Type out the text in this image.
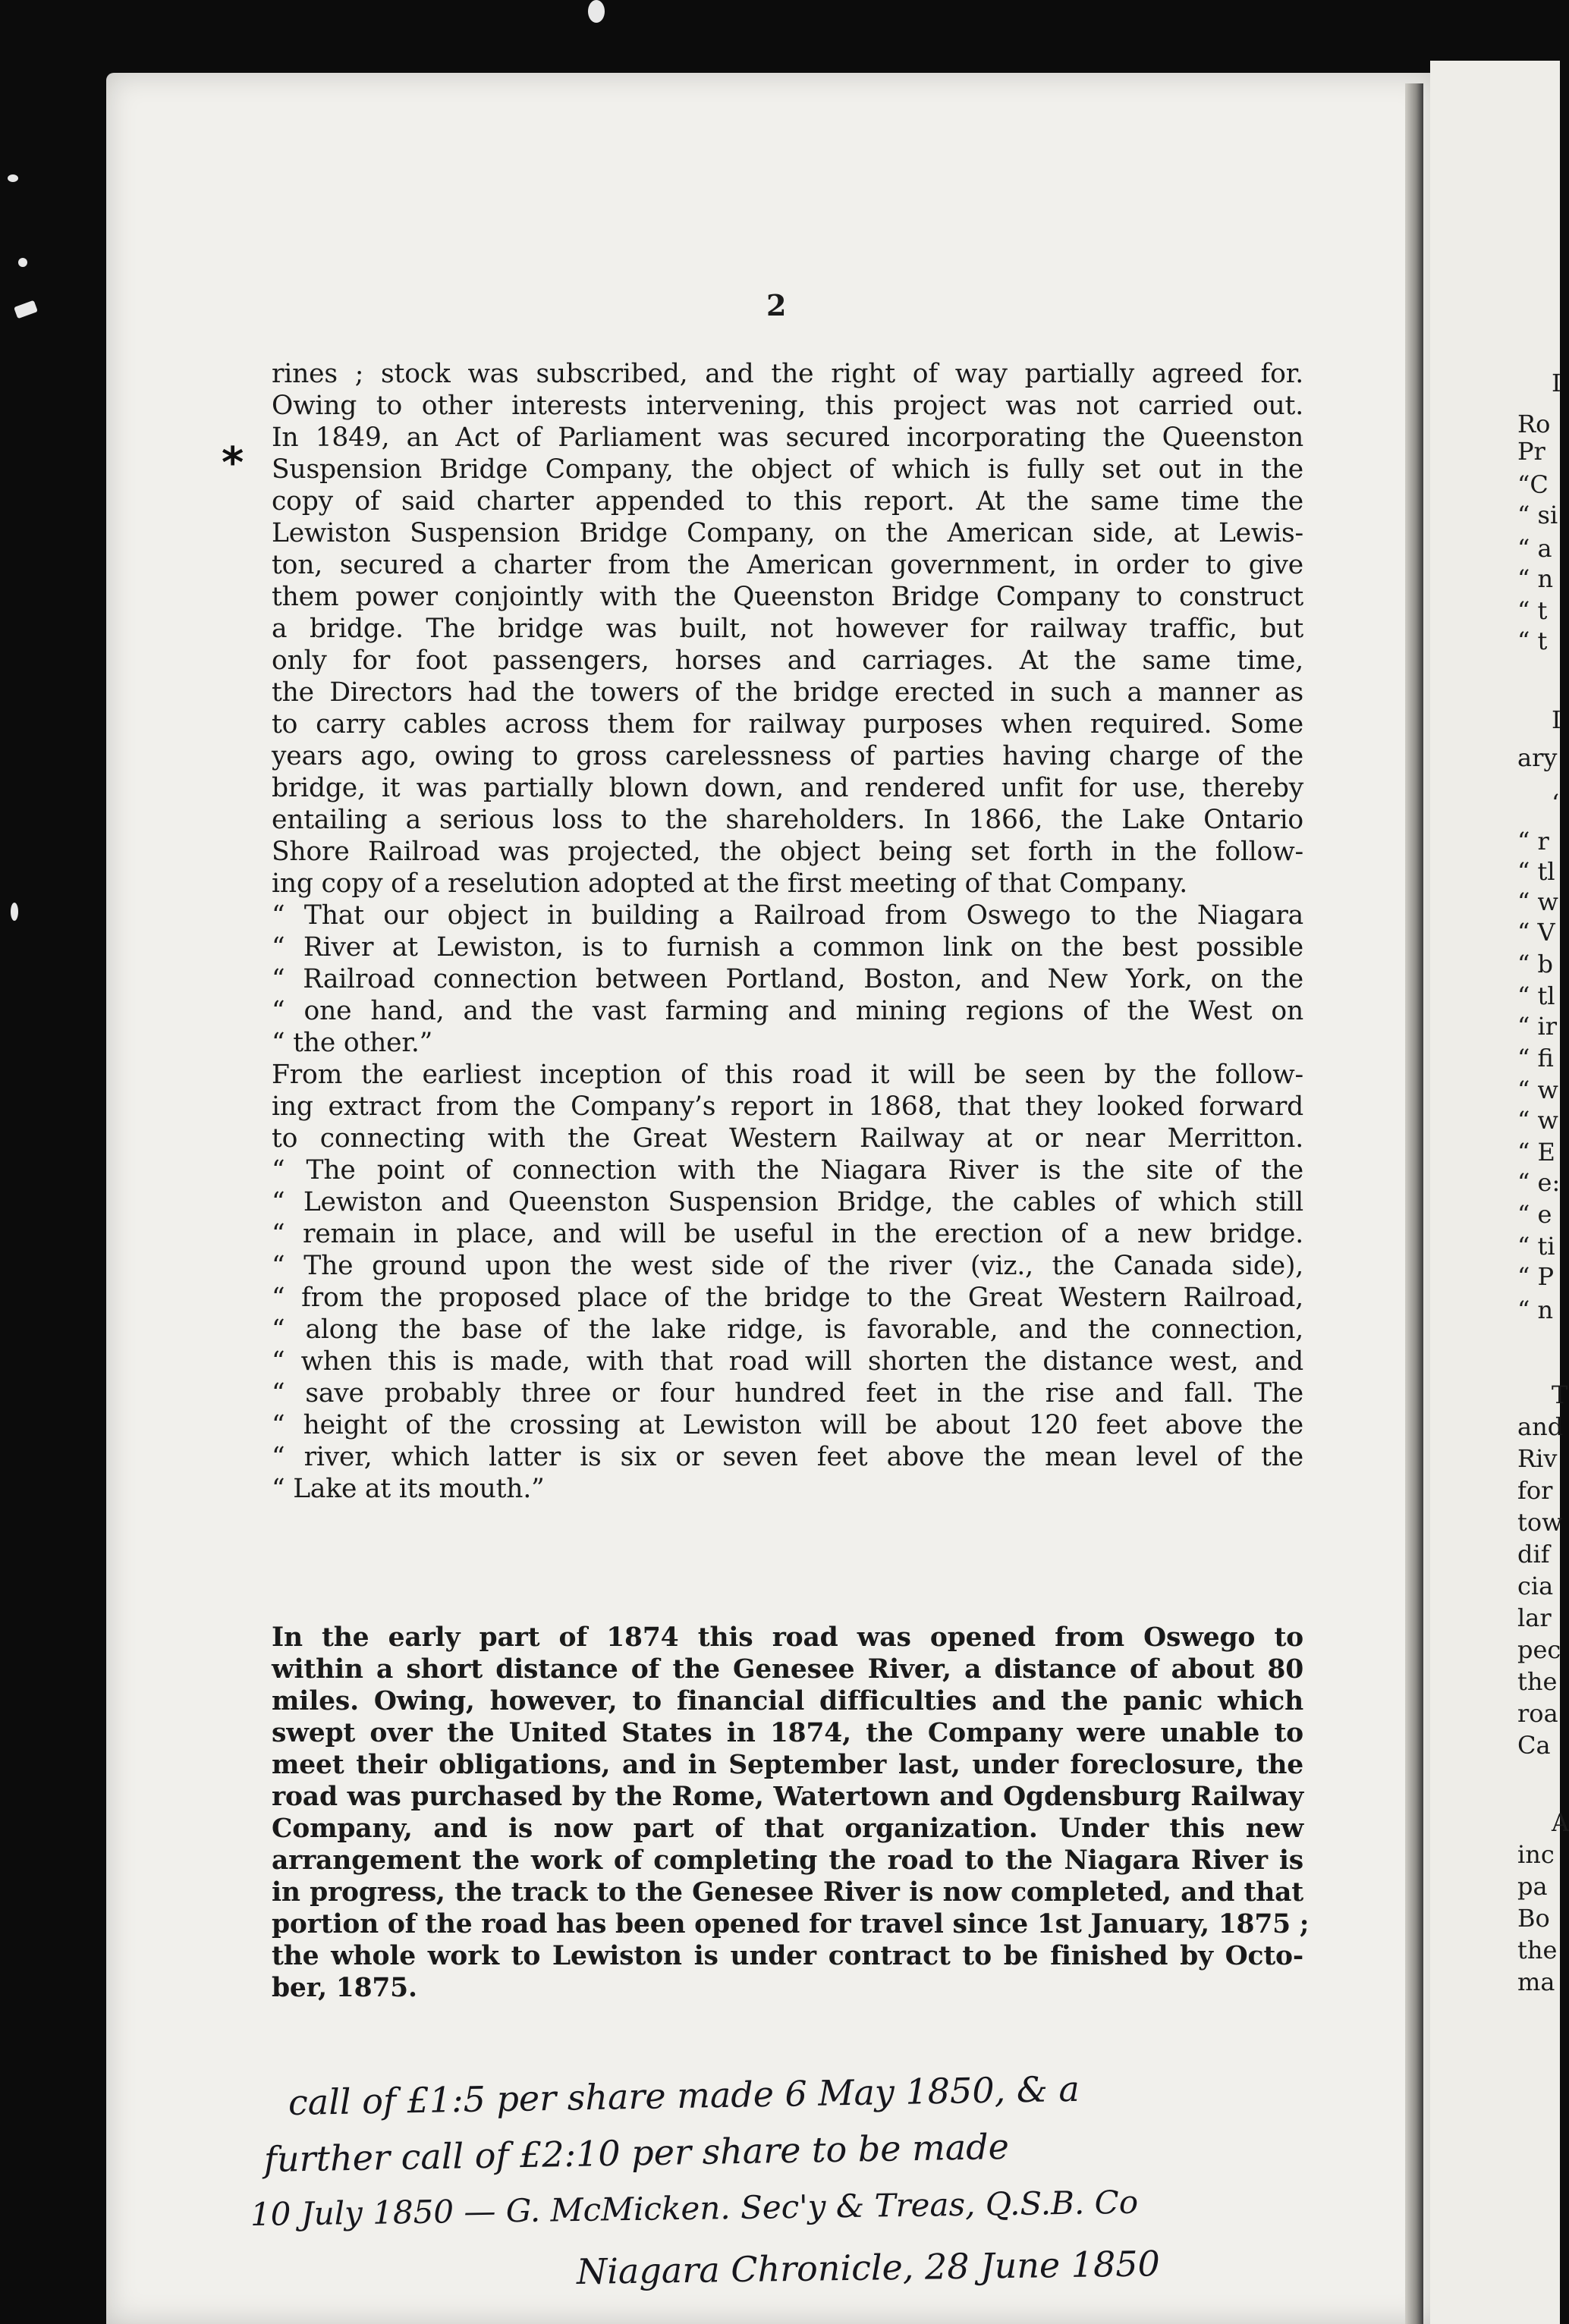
2
*
rines ; stock was subscribed, and the right of way partially agreed for.
Owing to other interests intervening, this project was not carried out.
In 1849, an Act of Parliament was secured incorporating the Queenston
Suspension Bridge Company, the object of which is fully set out in the
copy of said charter appended to this report. At the same time the
Lewiston Suspension Bridge Company, on the American side, at Lewis-
ton, secured a charter from the American government, in order to give
them power conjointly with the Queenston Bridge Company to construct
a bridge. The bridge was built, not however for railway traffic, but
only for foot passengers, horses and carriages. At the same time,
the Directors had the towers of the bridge erected in such a manner as
to carry cables across them for railway purposes when required. Some
years ago, owing to gross carelessness of parties having charge of the
bridge, it was partially blown down, and rendered unfit for use, thereby
entailing a serious loss to the shareholders. In 1866, the Lake Ontario
Shore Railroad was projected, the object being set forth in the follow-
ing copy of a reselution adopted at the first meeting of that Company.
“ That our object in building a Railroad from Oswego to the Niagara
“ River at Lewiston, is to furnish a common link on the best possible
“ Railroad connection between Portland, Boston, and New York, on the
“ one hand, and the vast farming and mining regions of the West on
“ the other.”
From the earliest inception of this road it will be seen by the follow-
ing extract from the Company’s report in 1868, that they looked forward
to connecting with the Great Western Railway at or near Merritton.
“ The point of connection with the Niagara River is the site of the
“ Lewiston and Queenston Suspension Bridge, the cables of which still
“ remain in place, and will be useful in the erection of a new bridge.
“ The ground upon the west side of the river (viz., the Canada side),
“ from the proposed place of the bridge to the Great Western Railroad,
“ along the base of the lake ridge, is favorable, and the connection,
“ when this is made, with that road will shorten the distance west, and
“ save probably three or four hundred feet in the rise and fall. The
“ height of the crossing at Lewiston will be about 120 feet above the
“ river, which latter is six or seven feet above the mean level of the
“ Lake at its mouth.”
In the early part of 1874 this road was opened from Oswego to
within a short distance of the Genesee River, a distance of about 80
miles. Owing, however, to financial difficulties and the panic which
swept over the United States in 1874, the Company were unable to
meet their obligations, and in September last, under foreclosure, the
road was purchased by the Rome, Watertown and Ogdensburg Railway
Company, and is now part of that organization. Under this new
arrangement the work of completing the road to the Niagara River is
in progress, the track to the Genesee River is now completed, and that
portion of the road has been opened for travel since 1st January, 1875 ;
the whole work to Lewiston is under contract to be finished by Octo-
ber, 1875.
call of £1:5 per share made 6 May 1850, & a
further call of £2:10 per share to be made
10 July 1850 — G. McMicken. Sec'y & Treas, Q.S.B. Co
Niagara Chronicle, 28 June 1850
I
Ro
Pr
“C
“ si
“ a
“ n
“ t
“ t
I
ary
‘
“ r
“ tl
“ w
“ V
“ b
“ tl
“ ir
“ fi
“ w
“ w
“ E
“ e:
“ e
“ ti
“ P
“ n
T
and
Riv
for
tow
dif
cia
lar
pec
the
roa
Ca
A
inc
pa
Bo
the
ma
